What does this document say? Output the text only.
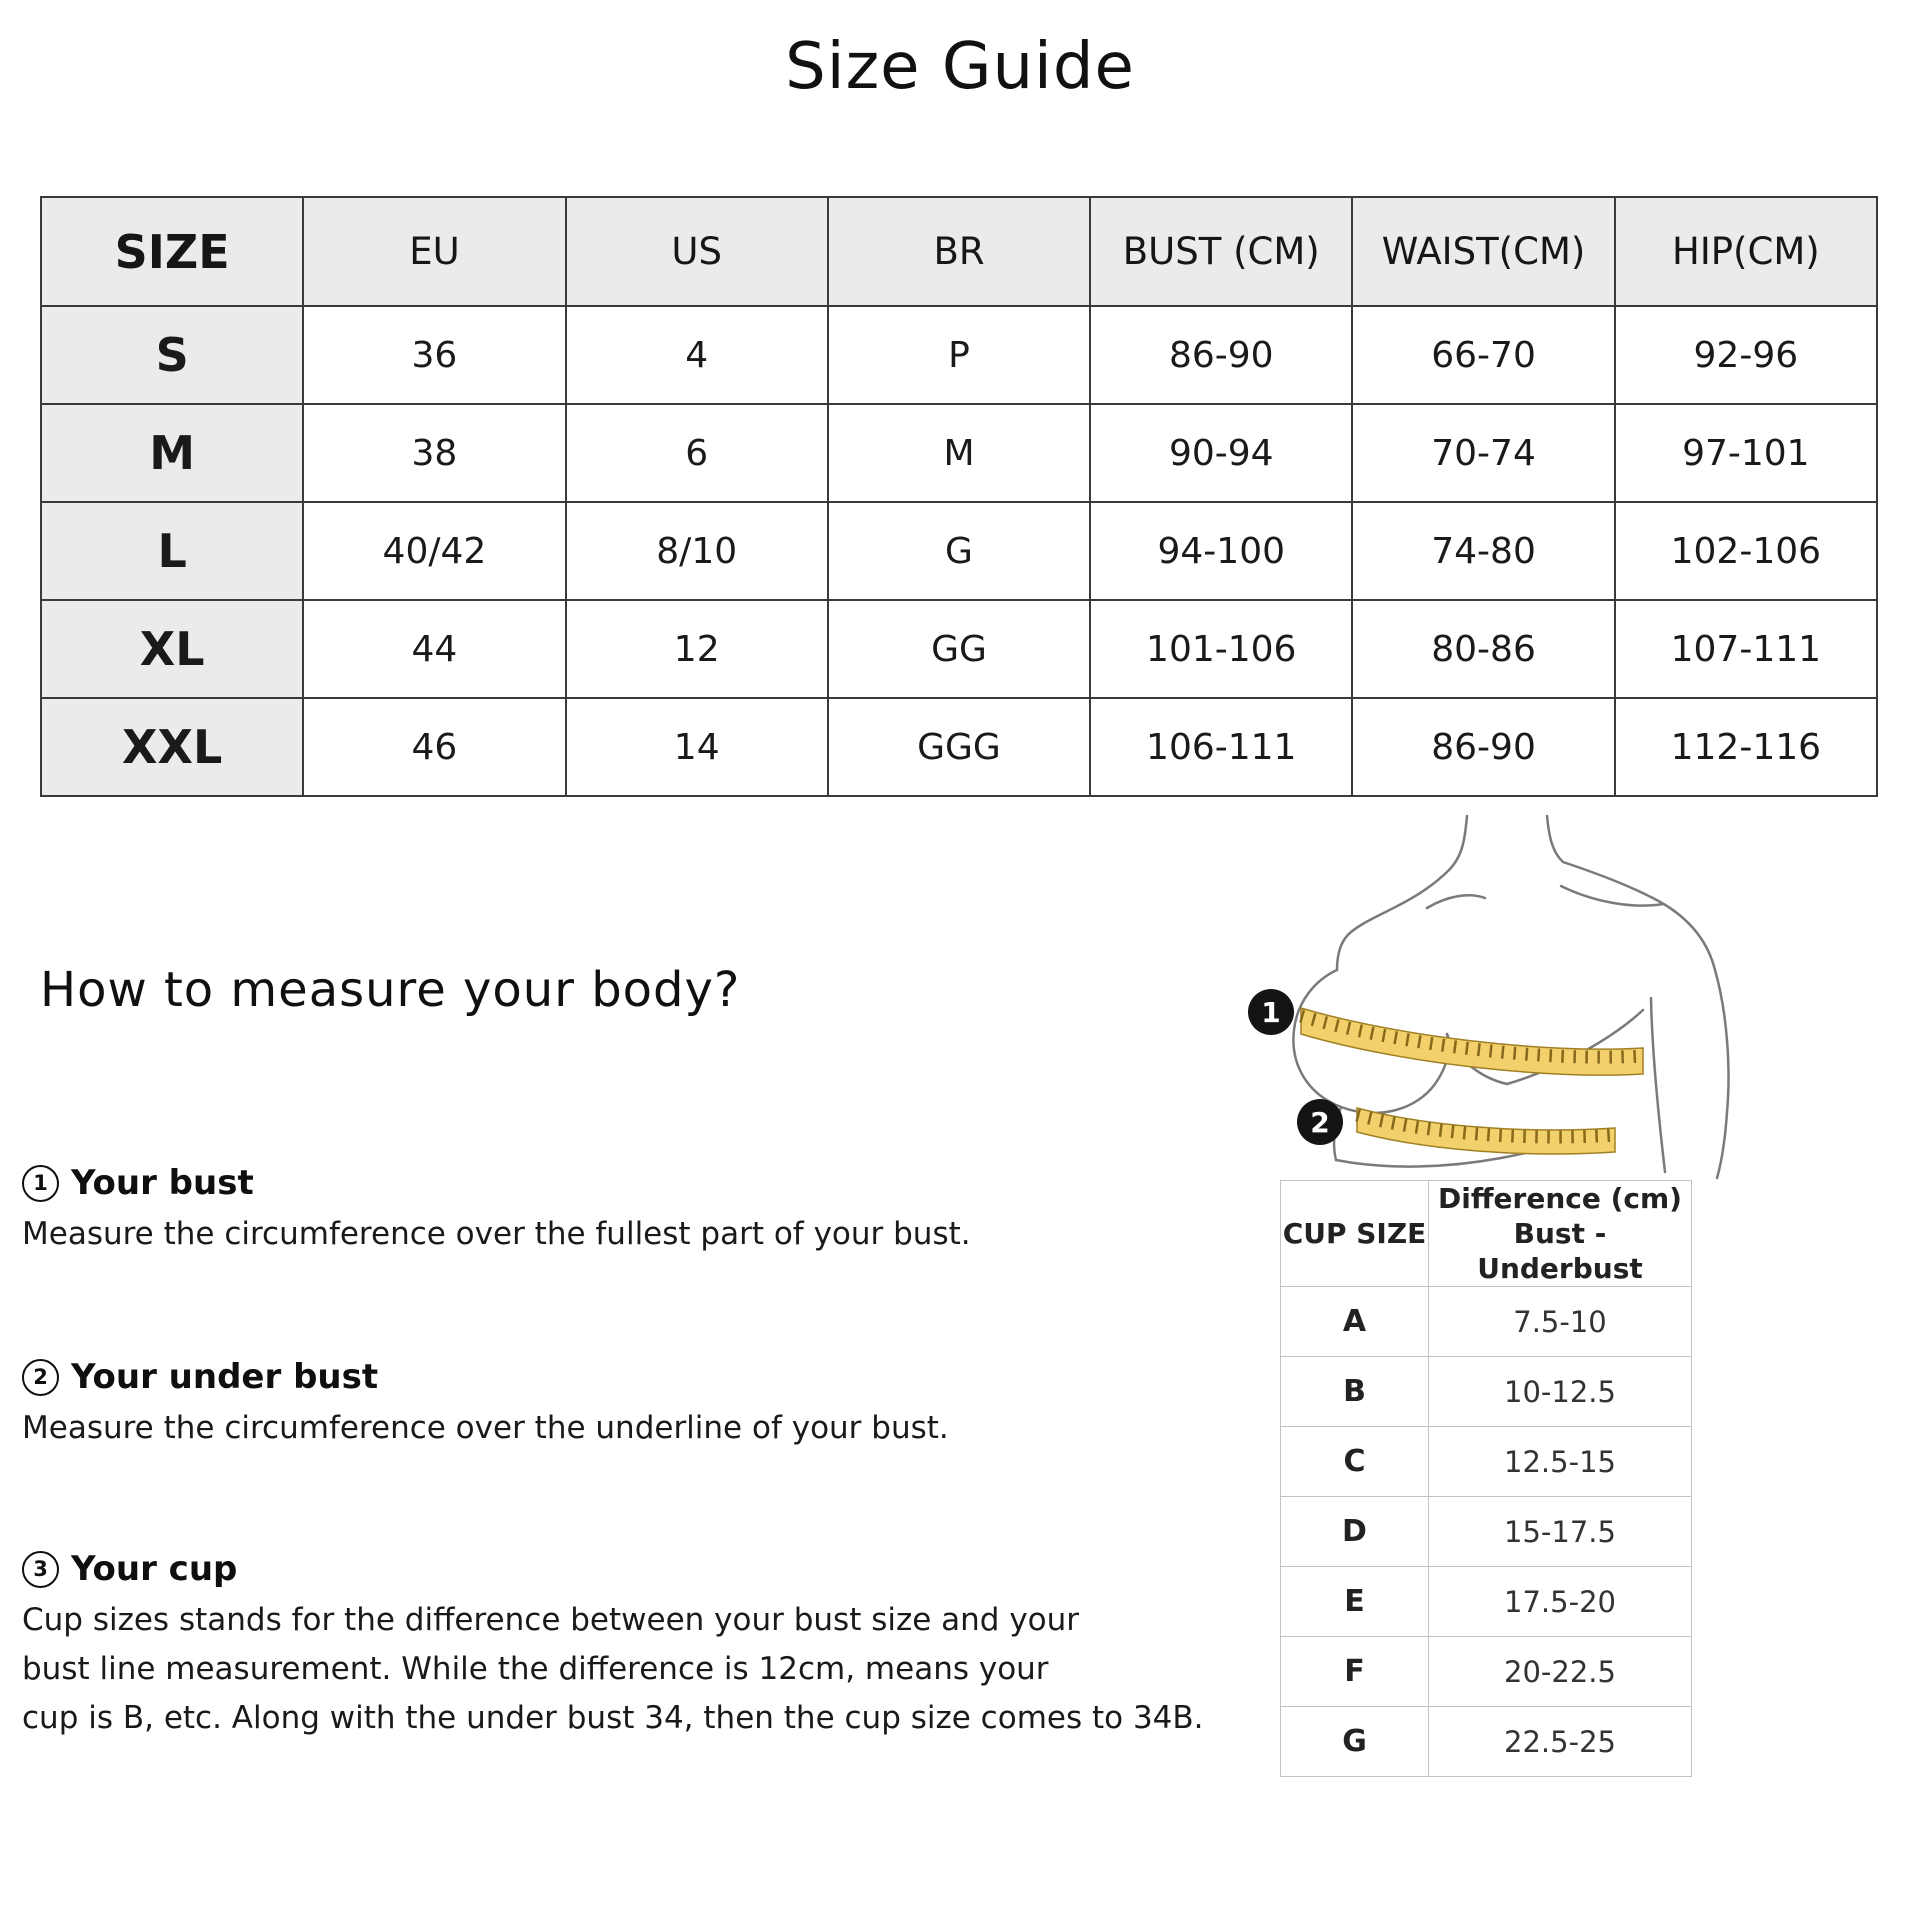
Size Guide
SIZE	EU	US	BR	BUST (CM)	WAIST(CM)	HIP(CM)
S	36	4	P	86-90	66-70	92-96
M	38	6	M	90-94	70-74	97-101
L	40/42	8/10	G	94-100	74-80	102-106
XL	44	12	GG	101-106	80-86	107-111
XXL	46	14	GGG	106-111	86-90	112-116
1
2
How to measure your body?
1 Your bust
Measure the circumference over the fullest part of your bust.
2 Your under bust
Measure the circumference over the underline of your bust.
3 Your cup
Cup sizes stands for the difference between your bust size and your
bust line measurement. While the difference is 12cm, means your
cup is B, etc. Along with the under bust 34, then the cup size comes to 34B.
CUP SIZE	Difference (cm)
Bust - Underbust

A	7.5-10
B	10-12.5
C	12.5-15
D	15-17.5
E	17.5-20
F	20-22.5
G	22.5-25
